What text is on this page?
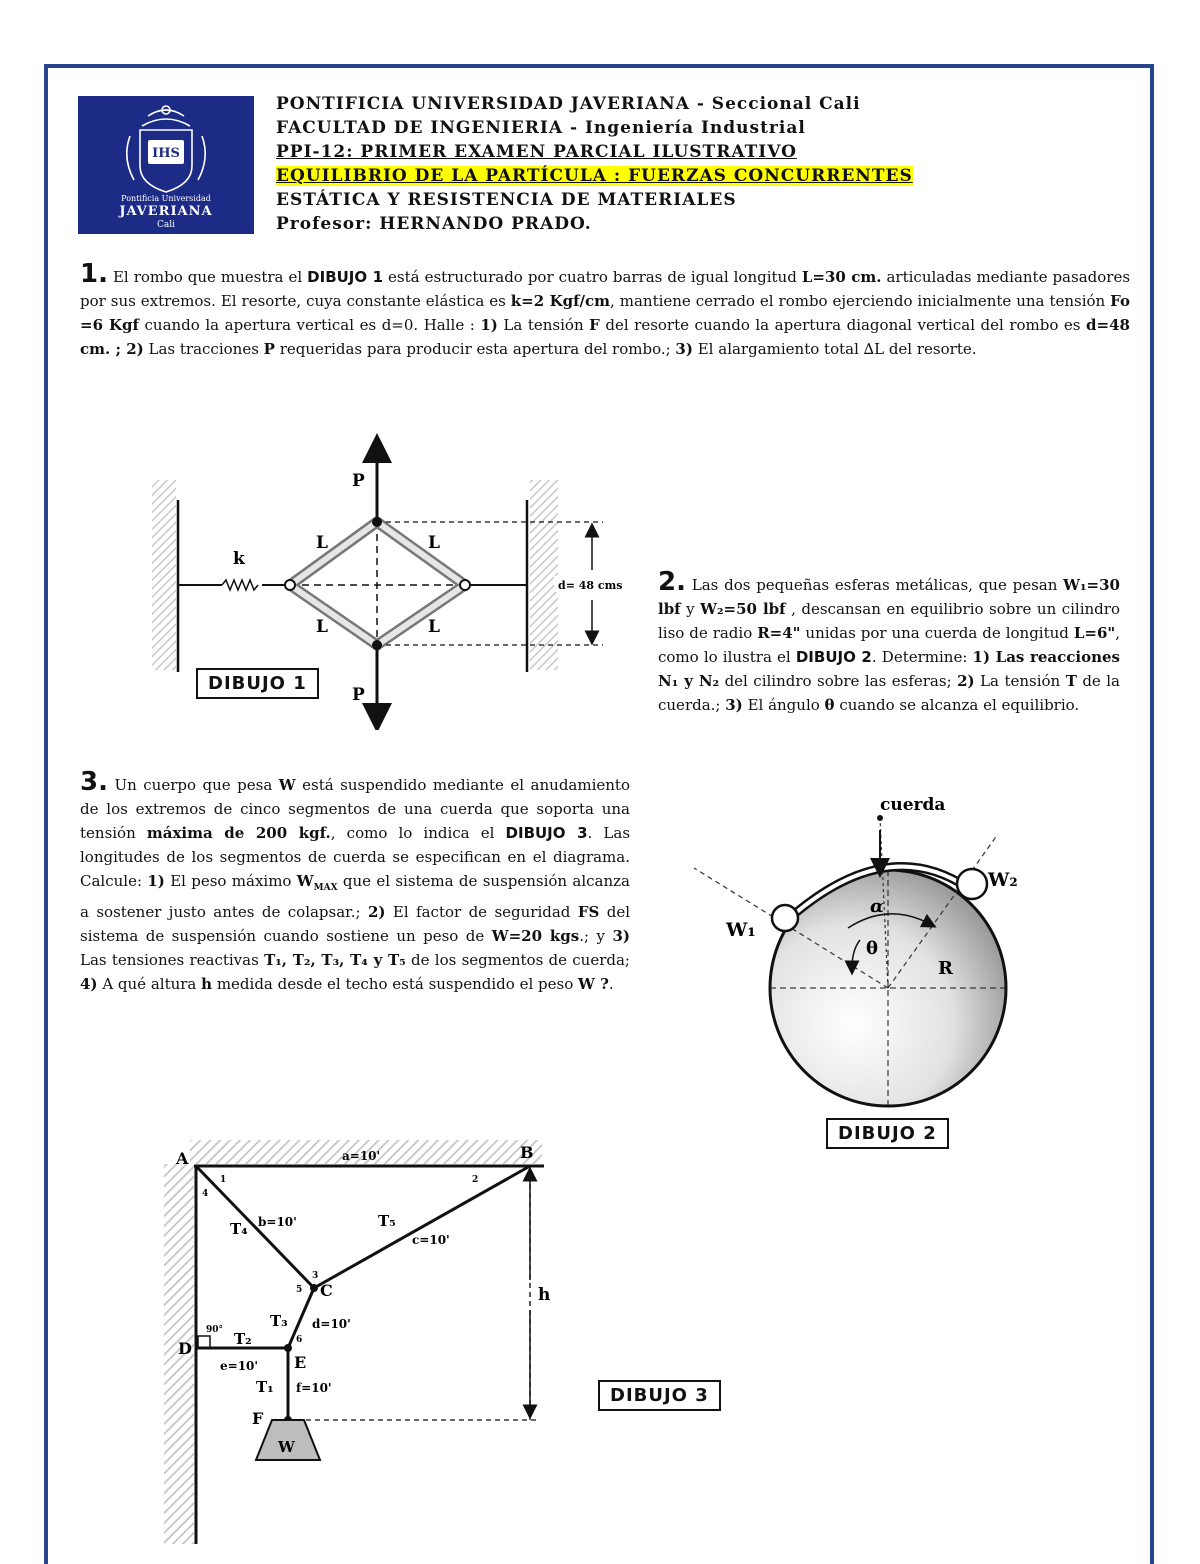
IHS
Pontificia Universidad
JAVERIANA
Cali
PONTIFICIA UNIVERSIDAD JAVERIANA - Seccional Cali
FACULTAD DE INGENIERIA - Ingeniería Industrial
PPI-12: PRIMER EXAMEN PARCIAL ILUSTRATIVO
EQUILIBRIO DE LA PARTÍCULA : FUERZAS CONCURRENTES
ESTÁTICA Y RESISTENCIA DE MATERIALES
Profesor: HERNANDO PRADO.
1. El rombo que muestra el DIBUJO 1 está estructurado por cuatro barras de igual longitud L=30 cm. articuladas mediante pasadores por sus extremos. El resorte, cuya constante elástica es k=2 Kgf/cm, mantiene cerrado el rombo ejerciendo inicialmente una tensión Fo =6 Kgf cuando la apertura vertical es d=0. Halle : 1) La tensión F del resorte cuando la apertura diagonal vertical del rombo es d=48 cm. ; 2) Las tracciones P requeridas para producir esta apertura del rombo.; 3) El alargamiento total ∆L del resorte.
P
P
k
L	L
L	L
d= 48 cms
DIBUJO 1
2. Las dos pequeñas esferas metálicas, que pesan W₁=30 lbf y W₂=50 lbf , descansan en equilibrio sobre un cilindro liso de radio R=4" unidas por una cuerda de longitud L=6", como lo ilustra el DIBUJO 2. Determine: 1) Las reacciones N₁ y N₂ del cilindro sobre las esferas; 2) La tensión T de la cuerda.; 3) El ángulo θ cuando se alcanza el equilibrio.
cuerda
W₁
W₂
α
θ
R
DIBUJO 2
3. Un cuerpo que pesa W está suspendido mediante el anudamiento de los extremos de cinco segmentos de una cuerda que soporta una tensión máxima de 200 kgf., como lo indica el DIBUJO 3. Las longitudes de los segmentos de cuerda se especifican en el diagrama. Calcule: 1) El peso máximo $W_{MAX}$ que el sistema de suspensión alcanza a sostener justo antes de colapsar.; 2) El factor de seguridad FS del sistema de suspensión cuando sostiene un peso de W=20 kgs.; y 3) Las tensiones reactivas T₁, T₂, T₃, T₄ y T₅ de los segmentos de cuerda; 4) A qué altura h medida desde el techo está suspendido el peso W ?.
A	B
C
D
E
F
W
a=10'
b=10'
c=10'
d=10'
e=10'
f=10'
T₄	T₅
T₃
T₂
T₁
h
90°
1	2
3
4
5
6
DIBUJO 3
